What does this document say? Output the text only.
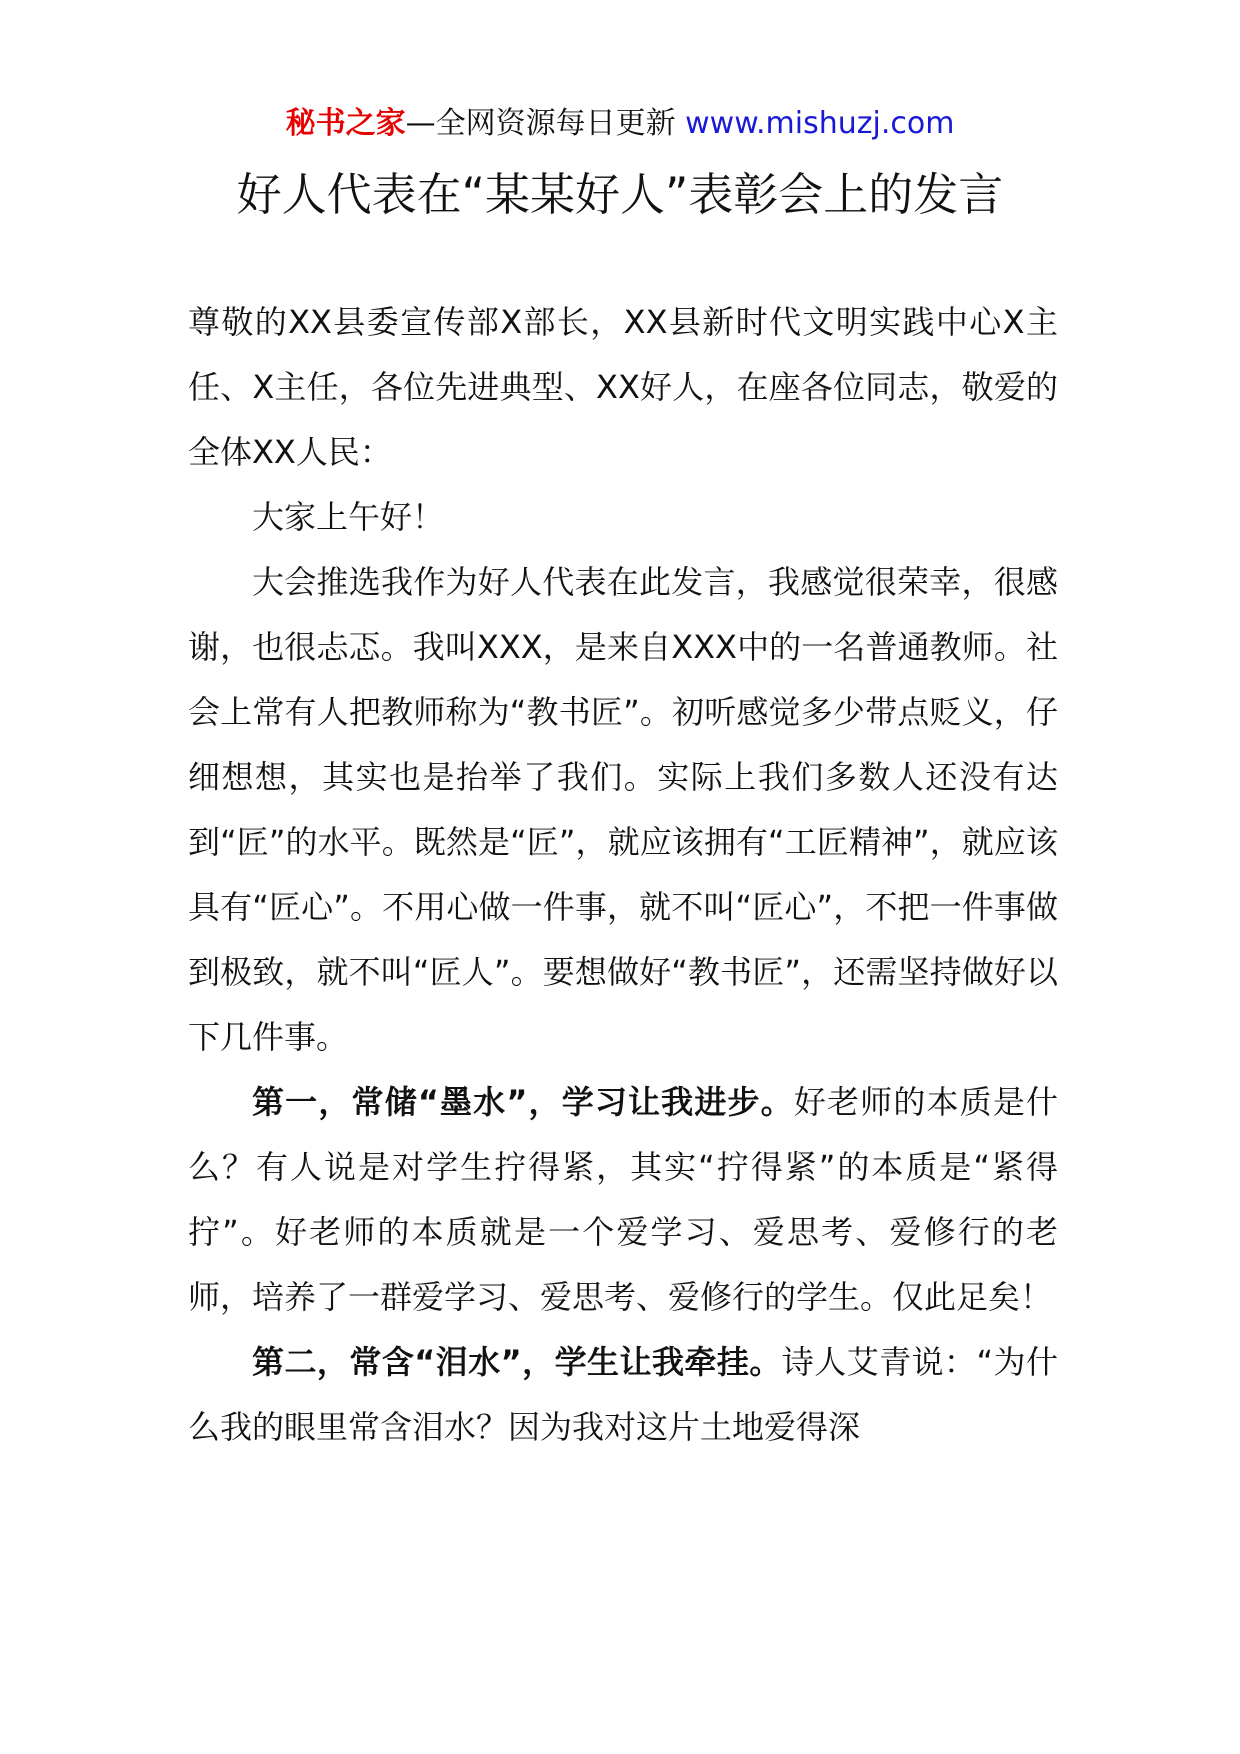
秘书之家—全网资源每日更新 www.mishuzj.com
好人代表在“某某好人”表彰会上的发言

尊敬的XX县委宣传部X部长，XX县新时代文明实践中心X主任、X主任，各位先进典型、XX好人，在座各位同志，敬爱的全体XX人民：

大家上午好！

大会推选我作为好人代表在此发言，我感觉很荣幸，很感谢，也很忐忑。我叫XXX，是来自XXX中的一名普通教师。社会上常有人把教师称为“教书匠”。初听感觉多少带点贬义，仔细想想，其实也是抬举了我们。实际上我们多数人还没有达到“匠”的水平。既然是“匠”，就应该拥有“工匠精神”，就应该具有“匠心”。不用心做一件事，就不叫“匠心”，不把一件事做到极致，就不叫“匠人”。要想做好“教书匠”，还需坚持做好以下几件事。

第一，常储“墨水”，学习让我进步。好老师的本质是什么？有人说是对学生拧得紧，其实“拧得紧”的本质是“紧得拧”。好老师的本质就是一个爱学习、爱思考、爱修行的老师，培养了一群爱学习、爱思考、爱修行的学生。仅此足矣！

第二，常含“泪水”，学生让我牵挂。诗人艾青说：“为什么我的眼里常含泪水？因为我对这片土地爱得深
